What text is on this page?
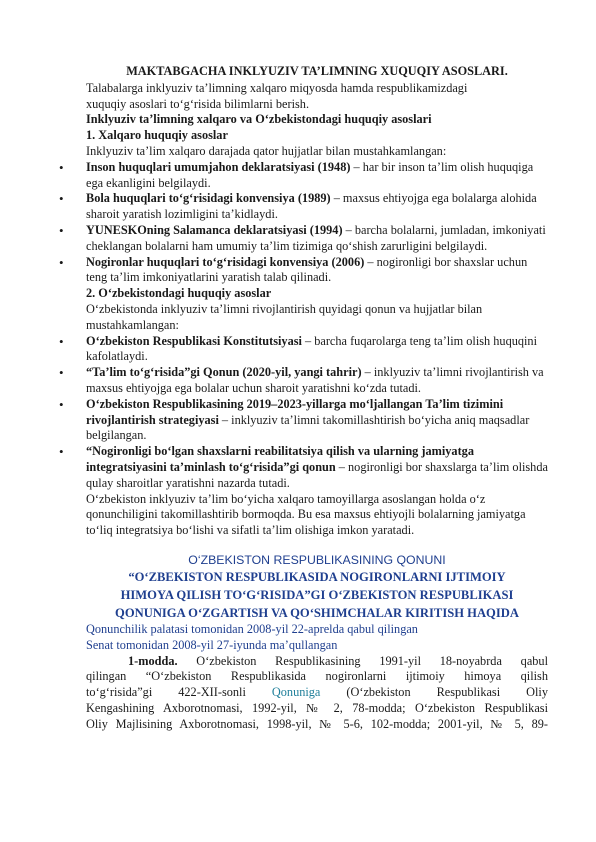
MAKTABGACHA INKLYUZIV TA’LIMNING XUQUQIY ASOSLARI.

Talabalarga inklyuziv ta’limning xalqaro miqyosda hamda respublikamizdagi

xuquqiy asoslari to‘g‘risida bilimlarni berish.

Inklyuziv ta’limning xalqaro va O‘zbekistondagi huquqiy asoslari

1. Xalqaro huquqiy asoslar

Inklyuziv ta’lim xalqaro darajada qator hujjatlar bilan mustahkamlangan:

• Inson huquqlari umumjahon deklaratsiyasi (1948) – har bir inson ta’lim olish huquqiga ega ekanligini belgilaydi.
• Bola huquqlari to‘g‘risidagi konvensiya (1989) – maxsus ehtiyojga ega bolalarga alohida sharoit yaratish lozimligini ta’kidlaydi.
• YUNESKOning Salamanca deklaratsiyasi (1994) – barcha bolalarni, jumladan, imkoniyati cheklangan bolalarni ham umumiy ta’lim tizimiga qo‘shish zarurligini belgilaydi.
• Nogironlar huquqlari to‘g‘risidagi konvensiya (2006) – nogironligi bor shaxslar uchun teng ta’lim imkoniyatlarini yaratish talab qilinadi.

2. O‘zbekistondagi huquqiy asoslar

O‘zbekistonda inklyuziv ta’limni rivojlantirish quyidagi qonun va hujjatlar bilan mustahkamlangan:

• O‘zbekiston Respublikasi Konstitutsiyasi – barcha fuqarolarga teng ta’lim olish huquqini kafolatlaydi.
• “Ta’lim to‘g‘risida”gi Qonun (2020-yil, yangi tahrir) – inklyuziv ta’limni rivojlantirish va maxsus ehtiyojga ega bolalar uchun sharoit yaratishni ko‘zda tutadi.
• O‘zbekiston Respublikasining 2019–2023-yillarga mo‘ljallangan Ta’lim tizimini rivojlantirish strategiyasi – inklyuziv ta’limni takomillashtirish bo‘yicha aniq maqsadlar belgilangan.
• “Nogironligi bo‘lgan shaxslarni reabilitatsiya qilish va ularning jamiyatga integratsiyasini ta’minlash to‘g‘risida”gi qonun – nogironligi bor shaxslarga ta’lim olishda qulay sharoitlar yaratishni nazarda tutadi.

O‘zbekiston inklyuziv ta’lim bo‘yicha xalqaro tamoyillarga asoslangan holda o‘z qonunchiligini takomillashtirib bormoqda. Bu esa maxsus ehtiyojli bolalarning jamiyatga to‘liq integratsiya bo‘lishi va sifatli ta’lim olishiga imkon yaratadi.

O‘ZBEKISTON RESPUBLIKASINING QONUNI

“O‘ZBEKISTON RESPUBLIKASIDA NOGIRONLARNI IJTIMOIY

HIMOYA QILISH TO‘G‘RISIDA”GI O‘ZBEKISTON RESPUBLIKASI

QONUNIGA O‘ZGARTISH VA QO‘SHIMCHALAR KIRITISH HAQIDA

Qonunchilik palatasi tomonidan 2008-yil 22-aprelda qabul qilingan

Senat tomonidan 2008-yil 27-iyunda ma’qullangan

1-modda. O‘zbekiston Respublikasining 1991-yil 18-noyabrda qabul

qilingan “O‘zbekiston Respublikasida nogironlarni ijtimoiy himoya qilish

to‘g‘risida”gi 422-XII-sonli Qonuniga (O‘zbekiston Respublikasi Oliy

Kengashining Axborotnomasi, 1992-yil, № 2, 78-modda; O‘zbekiston Respublikasi

Oliy Majlisining Axborotnomasi, 1998-yil, № 5-6, 102-modda; 2001-yil, № 5, 89-
